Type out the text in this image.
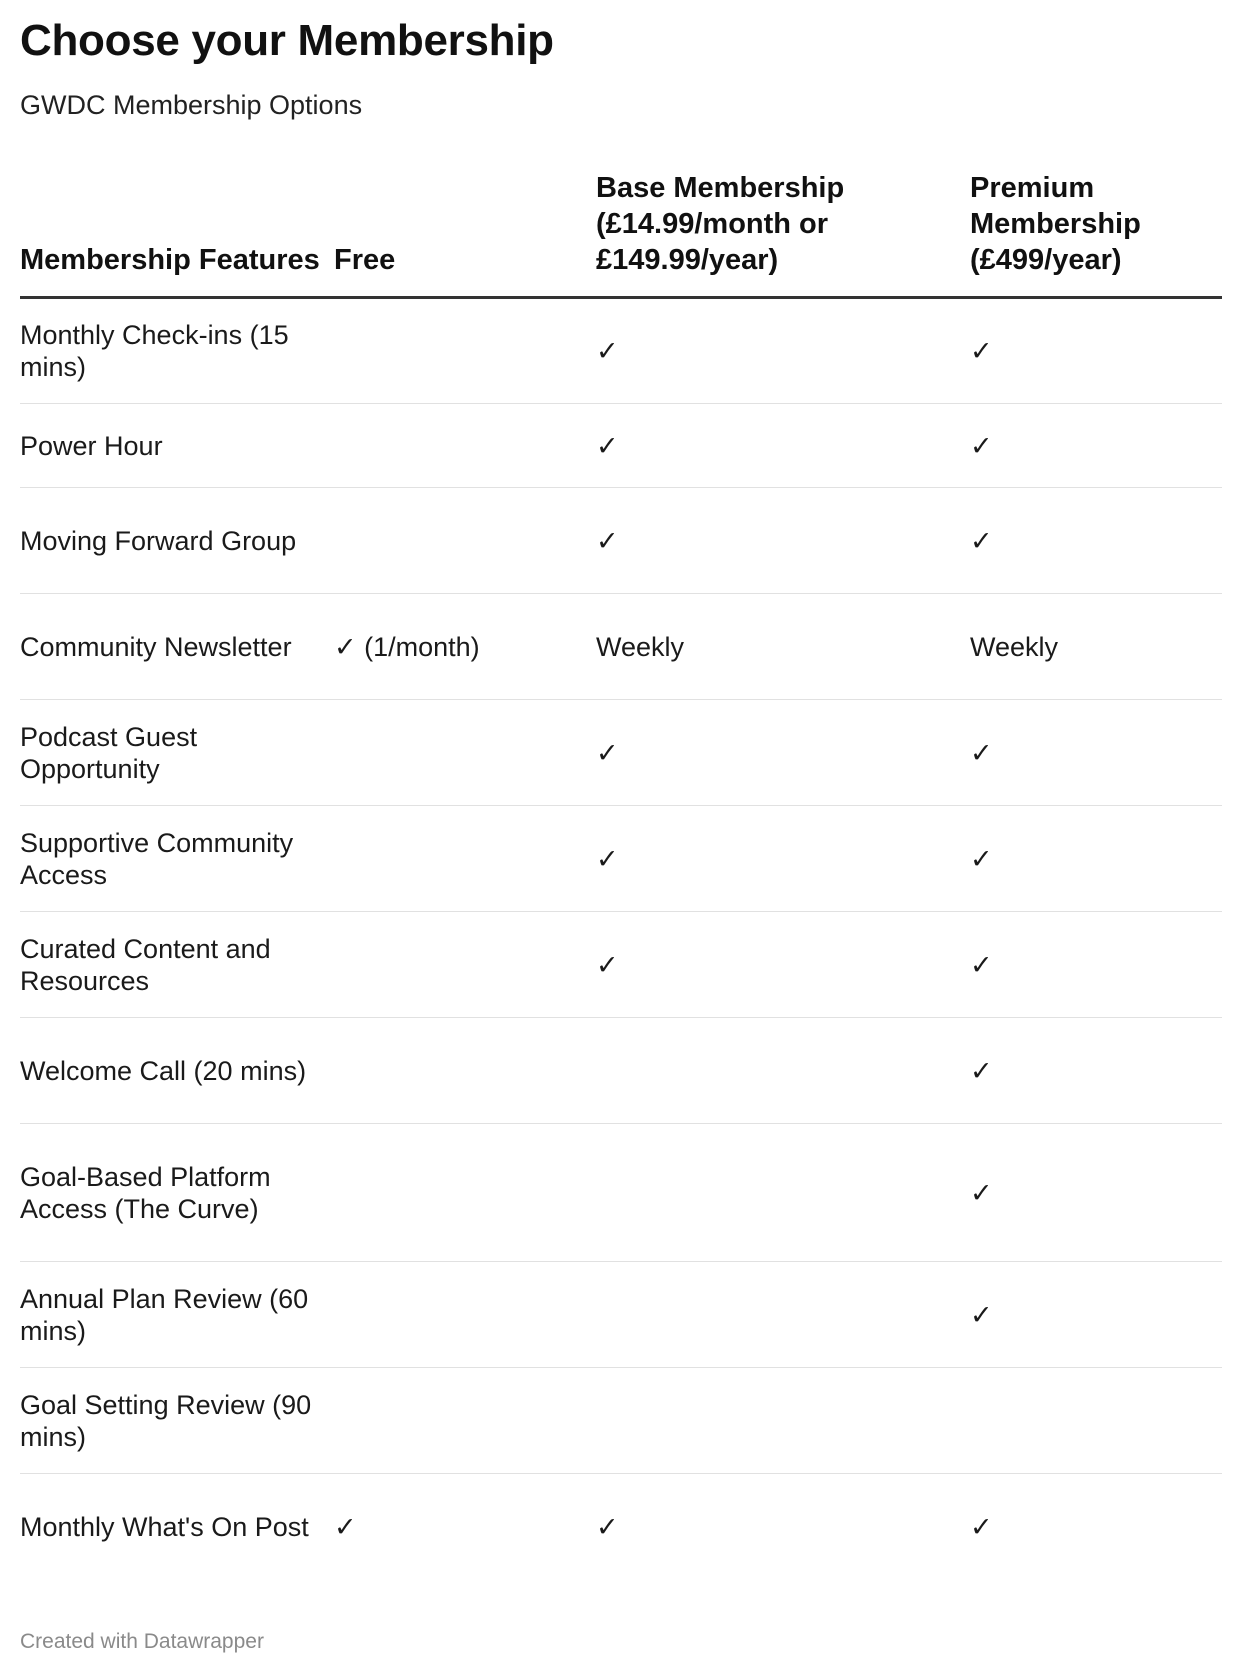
Choose your Membership

GWDC Membership Options

Membership Features	Free	Base Membership (£14.99/month or £149.99/year)	Premium Membership (£499/year)
Monthly Check-ins (15 mins)		✓	✓
Power Hour		✓	✓
Moving Forward Group		✓	✓
Community Newsletter	✓ (1/month)	Weekly	Weekly
Podcast Guest Opportunity		✓	✓
Supportive Community Access		✓	✓
Curated Content and Resources		✓	✓
Welcome Call (20 mins)			✓
Goal-Based Platform Access (The Curve)			✓
Annual Plan Review (60 mins)			✓
Goal Setting Review (90 mins)			
Monthly What's On Post	✓	✓	✓
Created with Datawrapper
